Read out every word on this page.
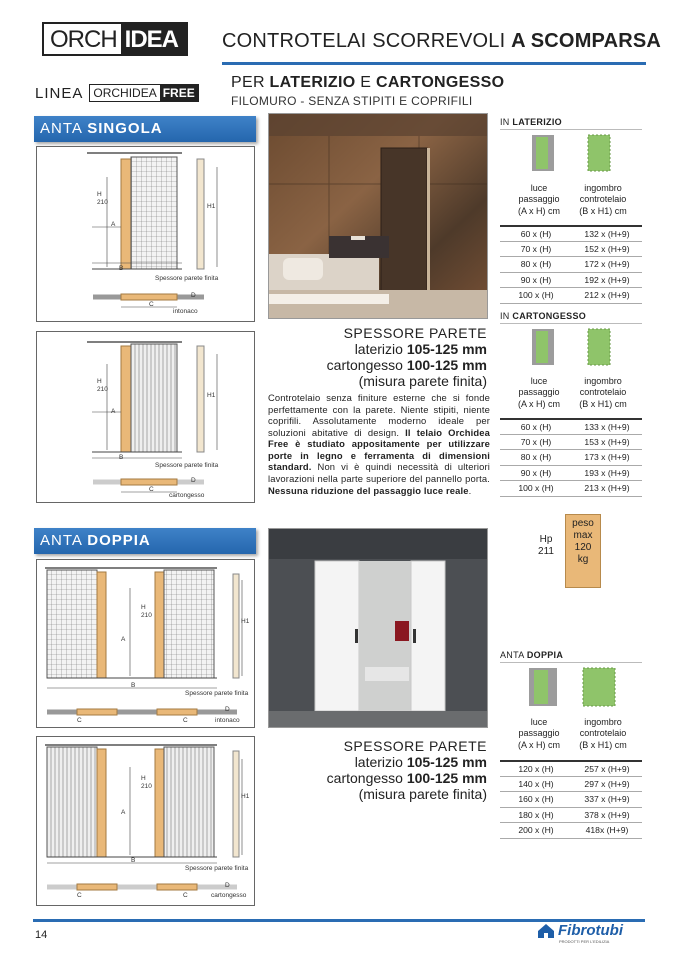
ORCH IDEA	CONTROTELAI SCORREVOLI A SCOMPARSA
LINEA ORCHIDEA FREE
PER LATERIZIO E CARTONGESSO
FILOMURO - SENZA STIPITI E COPRIFILI
ANTA SINGOLA
ANTA DOPPIA
H
210
A
B
H1
Spessore parete finita
C
D
intonaco
H
210
A
B
H1
Spessore parete finita
C
D
cartongesso
H
210
A
B
H1
Spessore parete finita
C	C
D
intonaco
H
210
A
B
H1
Spessore parete finita
C	C
D
cartongesso
SPESSORE PARETE
laterizio 105-125 mm
cartongesso 100-125 mm
(misura parete finita)
SPESSORE PARETE
laterizio 105-125 mm
cartongesso 100-125 mm
(misura parete finita)
Controtelaio senza finiture esterne che si fonde perfettamente con la parete. Niente stipiti, niente coprifili. Assolutamente moderno ideale per soluzioni abitative di design. Il telaio Orchidea Free è studiato appositamente per utilizzare porte in legno e ferramenta di dimensioni standard. Non vi è quindi necessità di ulteriori lavorazioni nella parte superiore del pannello porta. Nessuna riduzione del passaggio luce reale.
IN LATERIZIO
luce
passaggio
(A x H) cm
ingombro
controtelaio
(B x H1) cm
IN CARTONGESSO
luce
passaggio
(A x H) cm
ingombro
controtelaio
(B x H1) cm
Hp
211
peso
max
120 kg
ANTA DOPPIA
luce
passaggio
(A x H) cm
ingombro
controtelaio
(B x H1) cm
14	Fibrotubi
PRODOTTI PER L'EDILIZIA
60 x (H)	132 x (H+9)
70 x (H)	152 x (H+9)
80 x (H)	172 x (H+9)
90 x (H)	192 x (H+9)
100 x (H)	212 x (H+9)
60 x (H)	133 x (H+9)
70 x (H)	153 x (H+9)
80 x (H)	173 x (H+9)
90 x (H)	193 x (H+9)
100 x (H)	213 x (H+9)
120 x (H)	257 x (H+9)
140 x (H)	297 x (H+9)
160 x (H)	337 x (H+9)
180 x (H)	378 x (H+9)
200 x (H)	418x (H+9)
